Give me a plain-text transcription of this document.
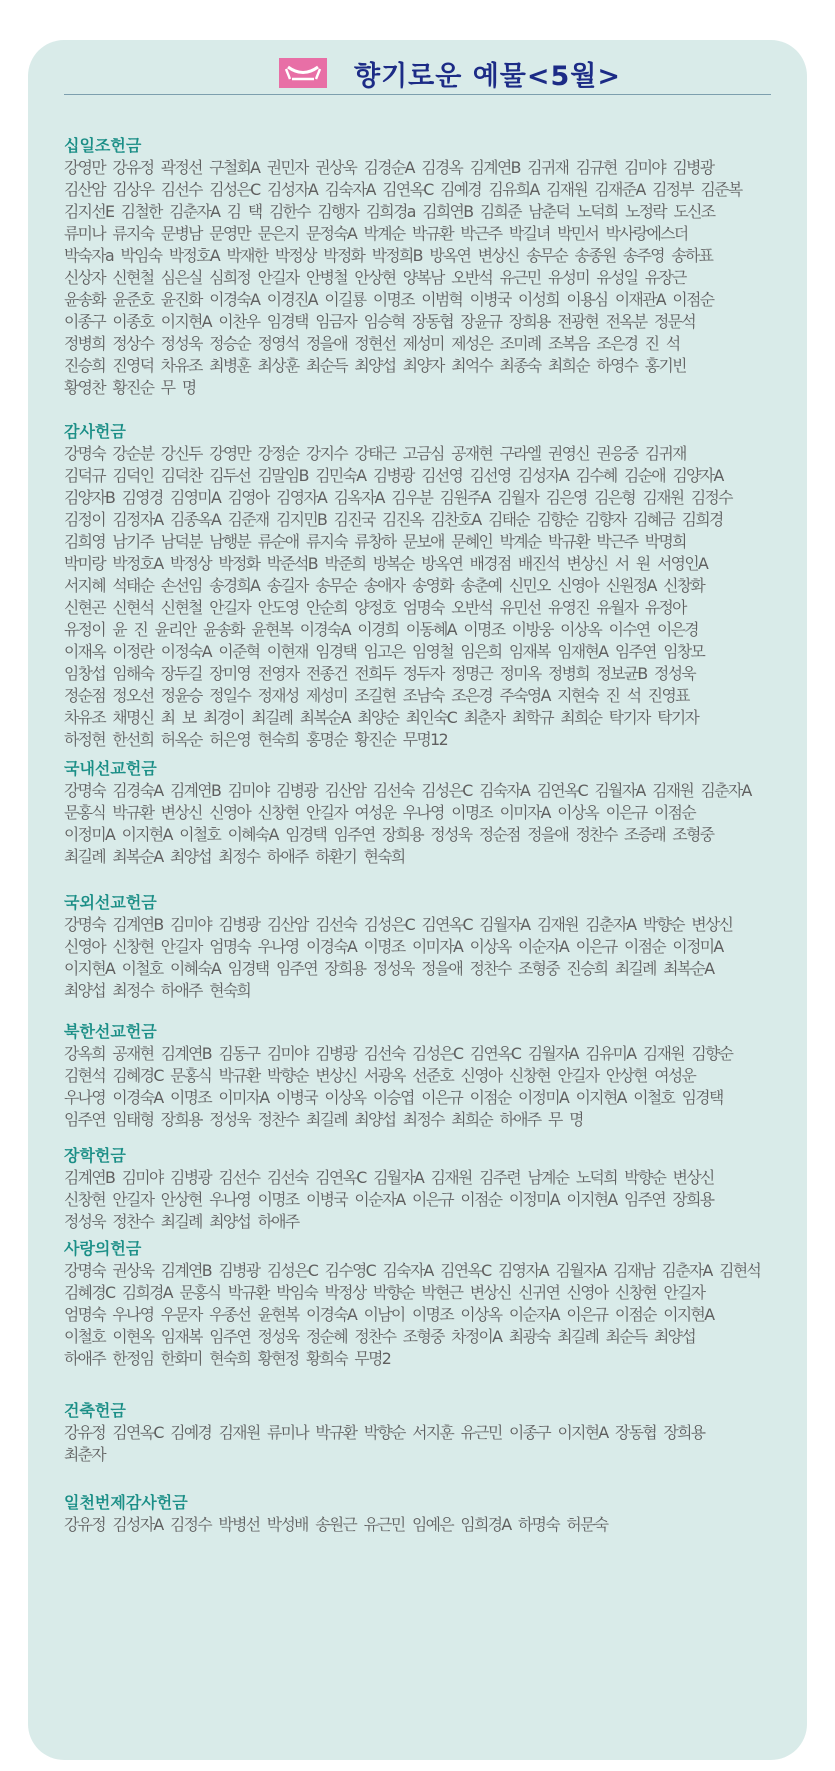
향기로운 예물<5월>
십일조헌금
강영만 강유정 곽정선 구철회A 권민자 권상욱 김경순A 김경옥 김계연B 김귀재 김규현 김미야 김병광
김산암 김상우 김선수 김성은C 김성자A 김숙자A 김연옥C 김예경 김유희A 김재원 김재준A 김정부 김준복
김지선E 김철한 김춘자A 김 택 김한수 김행자 김희경a 김희연B 김희준 남춘덕 노덕희 노정락 도신조
류미나 류지숙 문병남 문영만 문은지 문정숙A 박계순 박규환 박근주 박길녀 박민서 박사랑에스더
박숙자a 박임숙 박정호A 박재한 박정상 박정화 박정희B 방옥연 변상신 송무순 송종원 송주영 송하표
신상자 신현철 심은실 심희정 안길자 안병철 안상현 양복남 오반석 유근민 유성미 유성일 유장근
윤송화 윤준호 윤진화 이경숙A 이경진A 이길룡 이명조 이범혁 이병국 이성희 이용심 이재관A 이점순
이종구 이종호 이지현A 이찬우 임경택 임금자 임승혁 장동협 장윤규 장희용 전광현 전옥분 정문석
정병희 정상수 정성욱 정승순 정영석 정을애 정현선 제성미 제성은 조미례 조복음 조은경 진 석
진승희 진영덕 차유조 최병훈 최상훈 최순득 최양섭 최양자 최억수 최종숙 최희순 하영수 홍기빈
황영찬 황진순 무 명
감사헌금
강명숙 강순분 강신두 강영만 강정순 강지수 강태근 고금심 공재현 구라엘 권영신 권응중 김귀재
김덕규 김덕인 김덕찬 김두선 김말임B 김민숙A 김병광 김선영 김선영 김성자A 김수혜 김순애 김양자A
김양자B 김영경 김영미A 김영아 김영자A 김옥자A 김우분 김원주A 김월자 김은영 김은형 김재원 김정수
김정이 김정자A 김종옥A 김준재 김지민B 김진국 김진옥 김찬호A 김태순 김향순 김향자 김혜금 김희경
김희영 남기주 남덕분 남행분 류순애 류지숙 류창하 문보애 문혜인 박계순 박규환 박근주 박명희
박미랑 박정호A 박정상 박정화 박준석B 박준희 방복순 방옥연 배경점 배진석 변상신 서 원 서영인A
서지혜 석태순 손선임 송경희A 송길자 송무순 송애자 송영화 송춘예 신민오 신영아 신원정A 신창화
신현곤 신현석 신현철 안길자 안도영 안순희 양정호 엄명숙 오반석 유민선 유영진 유월자 유정아
유정이 윤 진 윤리안 윤송화 윤현복 이경숙A 이경희 이동혜A 이명조 이방웅 이상옥 이수연 이은경
이재옥 이정란 이정숙A 이준혁 이현재 임경택 임고은 임영철 임은희 임재복 임재현A 임주연 임창모
임창섭 임해숙 장두길 장미영 전영자 전종건 전희두 정두자 정명근 정미옥 정병희 정보균B 정성욱
정순점 정오선 정윤승 정일수 정재성 제성미 조길현 조남숙 조은경 주숙영A 지현숙 진 석 진영표
차유조 채명신 최 보 최경이 최길례 최복순A 최양순 최인숙C 최춘자 최학규 최희순 탁기자 탁기자
하정현 한선희 허옥순 허은영 현숙희 홍명순 황진순 무명12
국내선교헌금
강명숙 김경숙A 김계연B 김미야 김병광 김산암 김선숙 김성은C 김숙자A 김연옥C 김월자A 김재원 김춘자A
문홍식 박규환 변상신 신영아 신창현 안길자 여성운 우나영 이명조 이미자A 이상옥 이은규 이점순
이정미A 이지현A 이철호 이혜숙A 임경택 임주연 장희용 정성욱 정순점 정을애 정찬수 조증래 조형중
최길례 최복순A 최양섭 최정수 하애주 하환기 현숙희
국외선교헌금
강명숙 김계연B 김미야 김병광 김산암 김선숙 김성은C 김연옥C 김월자A 김재원 김춘자A 박향순 변상신
신영아 신창현 안길자 엄명숙 우나영 이경숙A 이명조 이미자A 이상옥 이순자A 이은규 이점순 이정미A
이지현A 이철호 이혜숙A 임경택 임주연 장희용 정성욱 정을애 정찬수 조형중 진승희 최길례 최복순A
최양섭 최정수 하애주 현숙희
북한선교헌금
강옥희 공재현 김계연B 김동구 김미야 김병광 김선숙 김성은C 김연옥C 김월자A 김유미A 김재원 김향순
김현석 김혜경C 문홍식 박규환 박향순 변상신 서광옥 선준호 신영아 신창현 안길자 안상현 여성운
우나영 이경숙A 이명조 이미자A 이병국 이상옥 이승엽 이은규 이점순 이정미A 이지현A 이철호 임경택
임주연 임태형 장희용 정성욱 정찬수 최길례 최양섭 최정수 최희순 하애주 무 명
장학헌금
김계연B 김미야 김병광 김선수 김선숙 김연옥C 김월자A 김재원 김주련 남계순 노덕희 박향순 변상신
신창현 안길자 안상현 우나영 이명조 이병국 이순자A 이은규 이점순 이정미A 이지현A 임주연 장희용
정성욱 정찬수 최길례 최양섭 하애주
사랑의헌금
강명숙 권상욱 김계연B 김병광 김성은C 김수영C 김숙자A 김연옥C 김영자A 김월자A 김재남 김춘자A 김현석
김혜경C 김희경A 문홍식 박규환 박임숙 박정상 박향순 박현근 변상신 신귀연 신영아 신창현 안길자
엄명숙 우나영 우문자 우종선 윤현복 이경숙A 이남이 이명조 이상옥 이순자A 이은규 이점순 이지현A
이철호 이현옥 임재복 임주연 정성욱 정순혜 정찬수 조형중 차정이A 최광숙 최길례 최순득 최양섭
하애주 한정임 한화미 현숙희 황현정 황희숙 무명2
건축헌금
강유정 김연옥C 김예경 김재원 류미나 박규환 박향순 서지훈 유근민 이종구 이지현A 장동협 장희용
최춘자
일천번제감사헌금
강유정 김성자A 김정수 박병선 박성배 송원근 유근민 임예은 임희경A 하명숙 허문숙
